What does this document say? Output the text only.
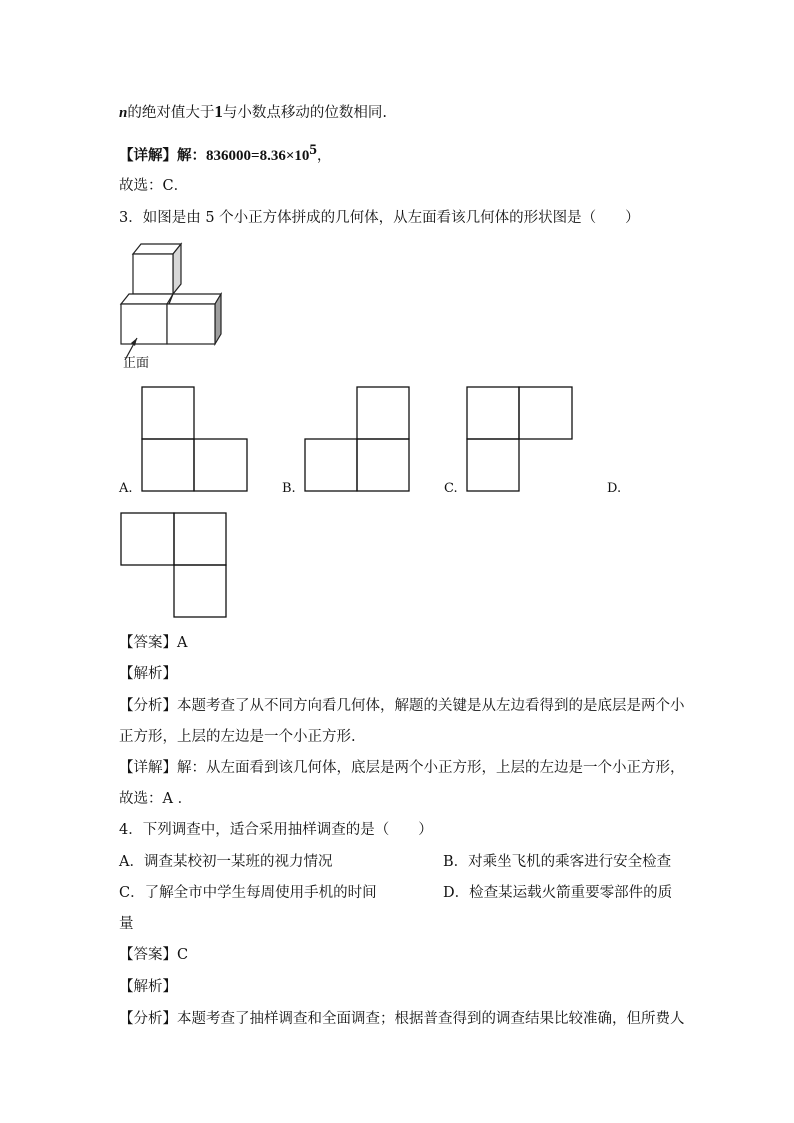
n的绝对值大于1与小数点移动的位数相同.
【详解】解：$836000=8.36\times 10^5$，
故选：C．
3．如图是由 5 个小正方体拼成的几何体，从左面看该几何体的形状图是（　　）
正面
A.	B.	C.	D.
【答案】A
【解析】
【分析】本题考查了从不同方向看几何体，解题的关键是从左边看得到的是底层是两个小
正方形，上层的左边是一个小正方形.
【详解】解：从左面看到该几何体，底层是两个小正方形，上层的左边是一个小正方形，
故选：A ．
4．下列调查中，适合采用抽样调查的是（　　）
A．调查某校初一某班的视力情况	B．对乘坐飞机的乘客进行安全检查
C．了解全市中学生每周使用手机的时间	D．检查某运载火箭重要零部件的质
量
【答案】C
【解析】
【分析】本题考查了抽样调查和全面调查；根据普查得到的调查结果比较准确，但所费人
